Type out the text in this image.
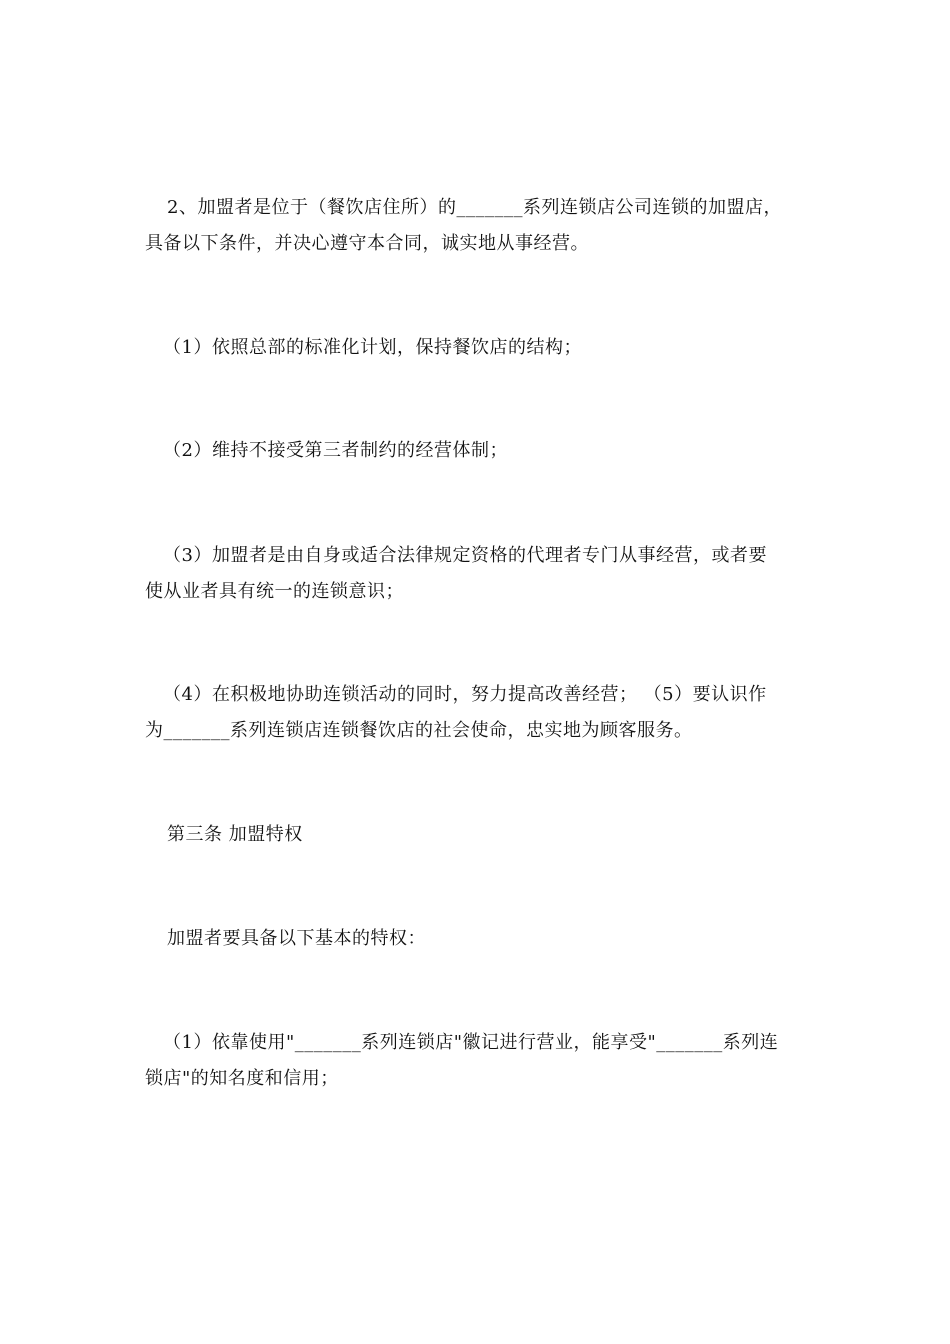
2、加盟者是位于（餐饮店住所）的_______系列连锁店公司连锁的加盟店，
具备以下条件，并决心遵守本合同，诚实地从事经营。

（1）依照总部的标准化计划，保持餐饮店的结构；

（2）维持不接受第三者制约的经营体制；

（3）加盟者是由自身或适合法律规定资格的代理者专门从事经营，或者要
使从业者具有统一的连锁意识；

（4）在积极地协助连锁活动的同时，努力提高改善经营； （5）要认识作
为_______系列连锁店连锁餐饮店的社会使命，忠实地为顾客服务。

第三条 加盟特权

加盟者要具备以下基本的特权：

（1）依靠使用"_______系列连锁店"徽记进行营业，能享受"_______系列连
锁店"的知名度和信用；
